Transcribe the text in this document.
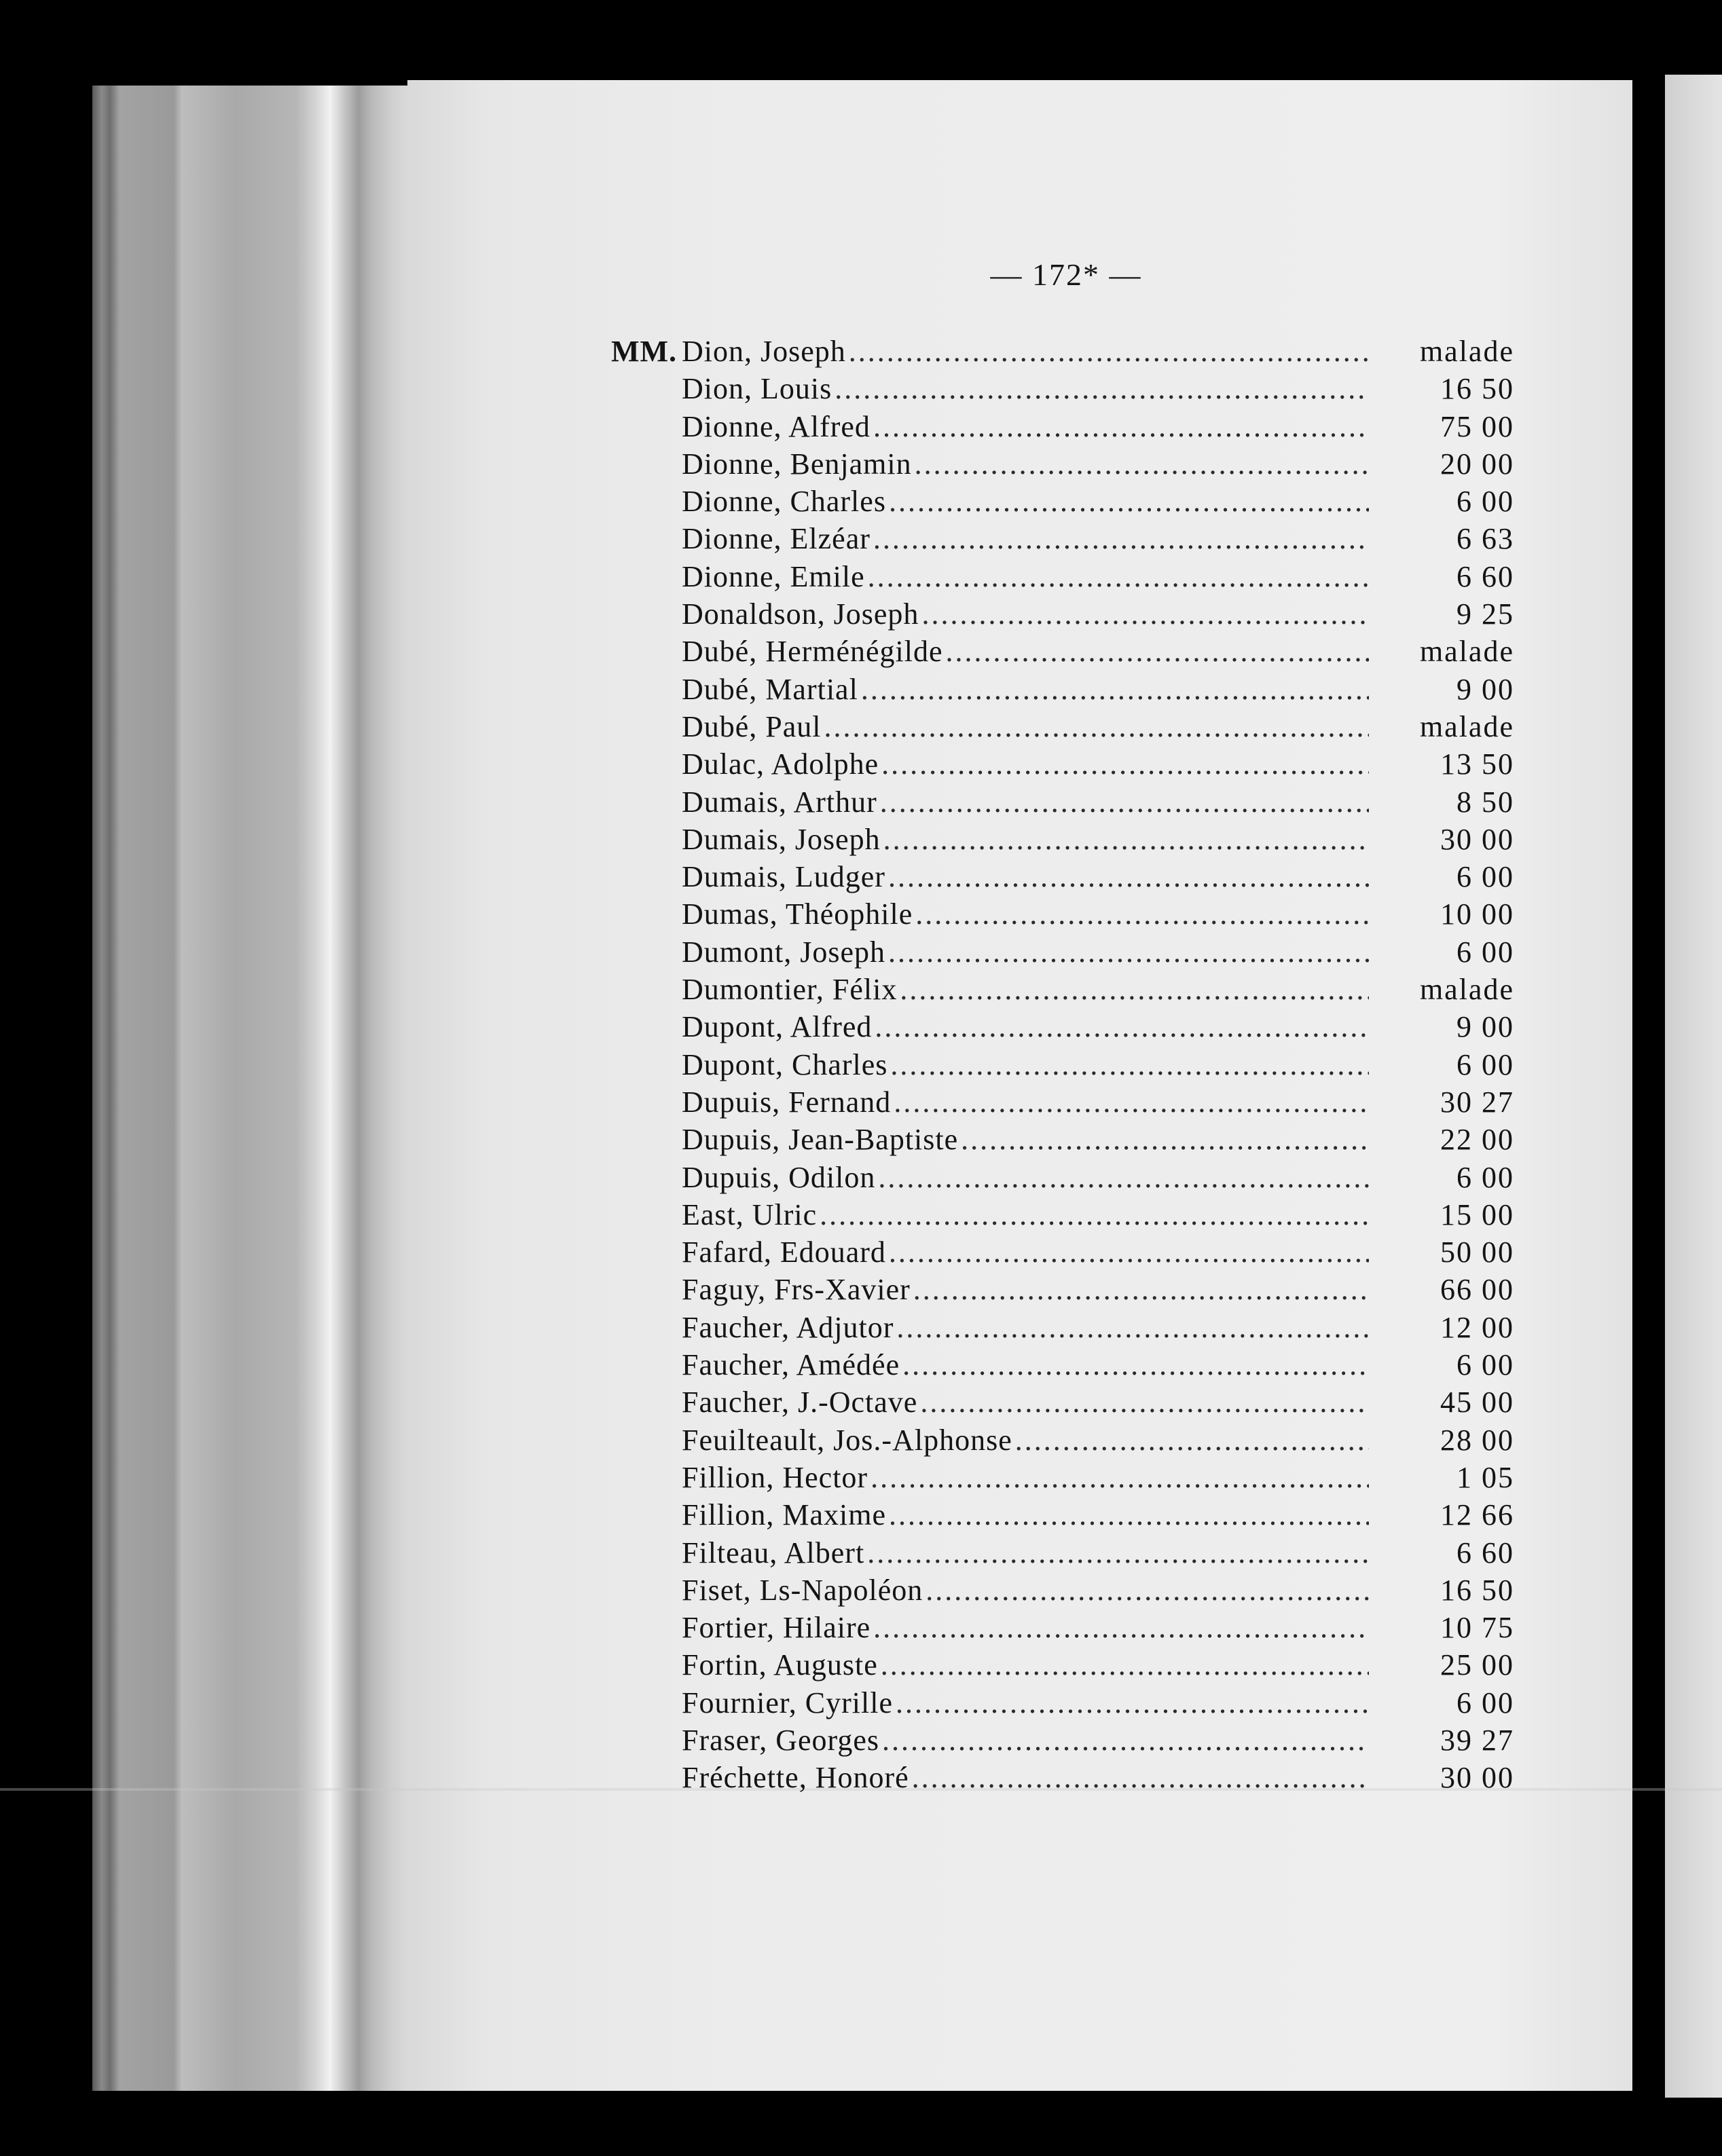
— 172* —
MM. Dion, Joseph .....	malade
Dion, Louis .....	16 50
Dionne, Alfred .....	75 00
Dionne, Benjamin .....	20 00
Dionne, Charles .....	6 00
Dionne, Elzéar .....	6 63
Dionne, Emile .....	6 60
Donaldson, Joseph .....	9 25
Dubé, Herménégilde .....	malade
Dubé, Martial .....	9 00
Dubé, Paul .....	malade
Dulac, Adolphe .....	13 50
Dumais, Arthur .....	8 50
Dumais, Joseph .....	30 00
Dumais, Ludger .....	6 00
Dumas, Théophile .....	10 00
Dumont, Joseph .....	6 00
Dumontier, Félix .....	malade
Dupont, Alfred .....	9 00
Dupont, Charles .....	6 00
Dupuis, Fernand .....	30 27
Dupuis, Jean-Baptiste .....	22 00
Dupuis, Odilon .....	6 00
East, Ulric .....	15 00
Fafard, Edouard .....	50 00
Faguy, Frs-Xavier .....	66 00
Faucher, Adjutor .....	12 00
Faucher, Amédée .....	6 00
Faucher, J.-Octave .....	45 00
Feuilteault, Jos.-Alphonse .....	28 00
Fillion, Hector .....	1 05
Fillion, Maxime .....	12 66
Filteau, Albert .....	6 60
Fiset, Ls-Napoléon .....	16 50
Fortier, Hilaire .....	10 75
Fortin, Auguste .....	25 00
Fournier, Cyrille .....	6 00
Fraser, Georges .....	39 27
Fréchette, Honoré .....	30 00
